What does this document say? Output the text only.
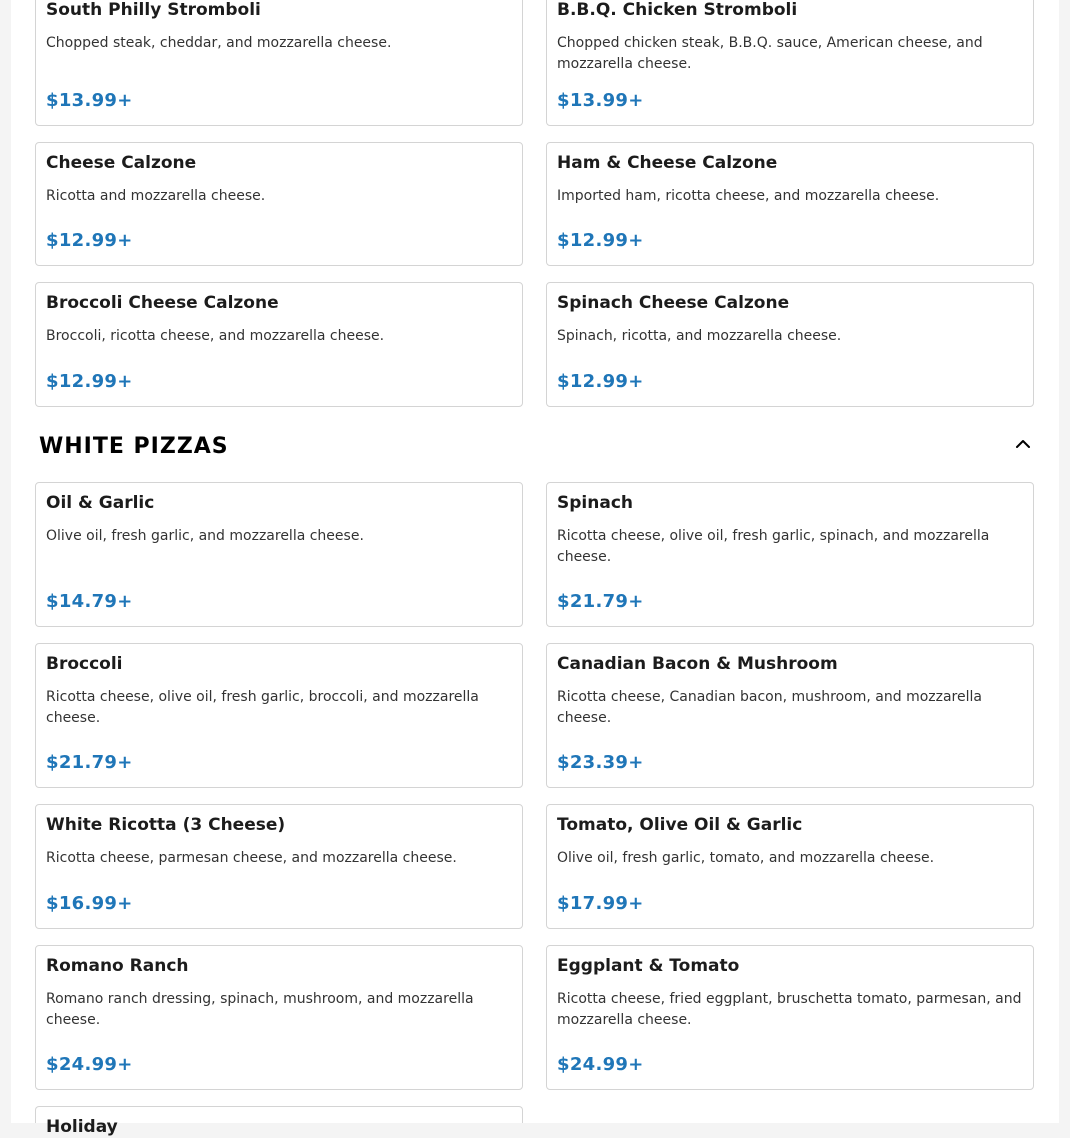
South Philly Stromboli

Chopped steak, cheddar, and mozzarella cheese.

$13.99+
B.B.Q. Chicken Stromboli

Chopped chicken steak, B.B.Q. sauce, American cheese, and mozzarella cheese.

$13.99+
Cheese Calzone

Ricotta and mozzarella cheese.

$12.99+
Ham & Cheese Calzone

Imported ham, ricotta cheese, and mozzarella cheese.

$12.99+
Broccoli Cheese Calzone

Broccoli, ricotta cheese, and mozzarella cheese.

$12.99+
Spinach Cheese Calzone

Spinach, ricotta, and mozzarella cheese.

$12.99+
WHITE PIZZAS
Oil & Garlic

Olive oil, fresh garlic, and mozzarella cheese.

$14.79+
Spinach

Ricotta cheese, olive oil, fresh garlic, spinach, and mozzarella cheese.

$21.79+
Broccoli

Ricotta cheese, olive oil, fresh garlic, broccoli, and mozzarella cheese.

$21.79+
Canadian Bacon & Mushroom

Ricotta cheese, Canadian bacon, mushroom, and mozzarella cheese.

$23.39+
White Ricotta (3 Cheese)

Ricotta cheese, parmesan cheese, and mozzarella cheese.

$16.99+
Tomato, Olive Oil & Garlic

Olive oil, fresh garlic, tomato, and mozzarella cheese.

$17.99+
Romano Ranch

Romano ranch dressing, spinach, mushroom, and mozzarella cheese.

$24.99+
Eggplant & Tomato

Ricotta cheese, fried eggplant, bruschetta tomato, parmesan, and mozzarella cheese.

$24.99+
Holiday
